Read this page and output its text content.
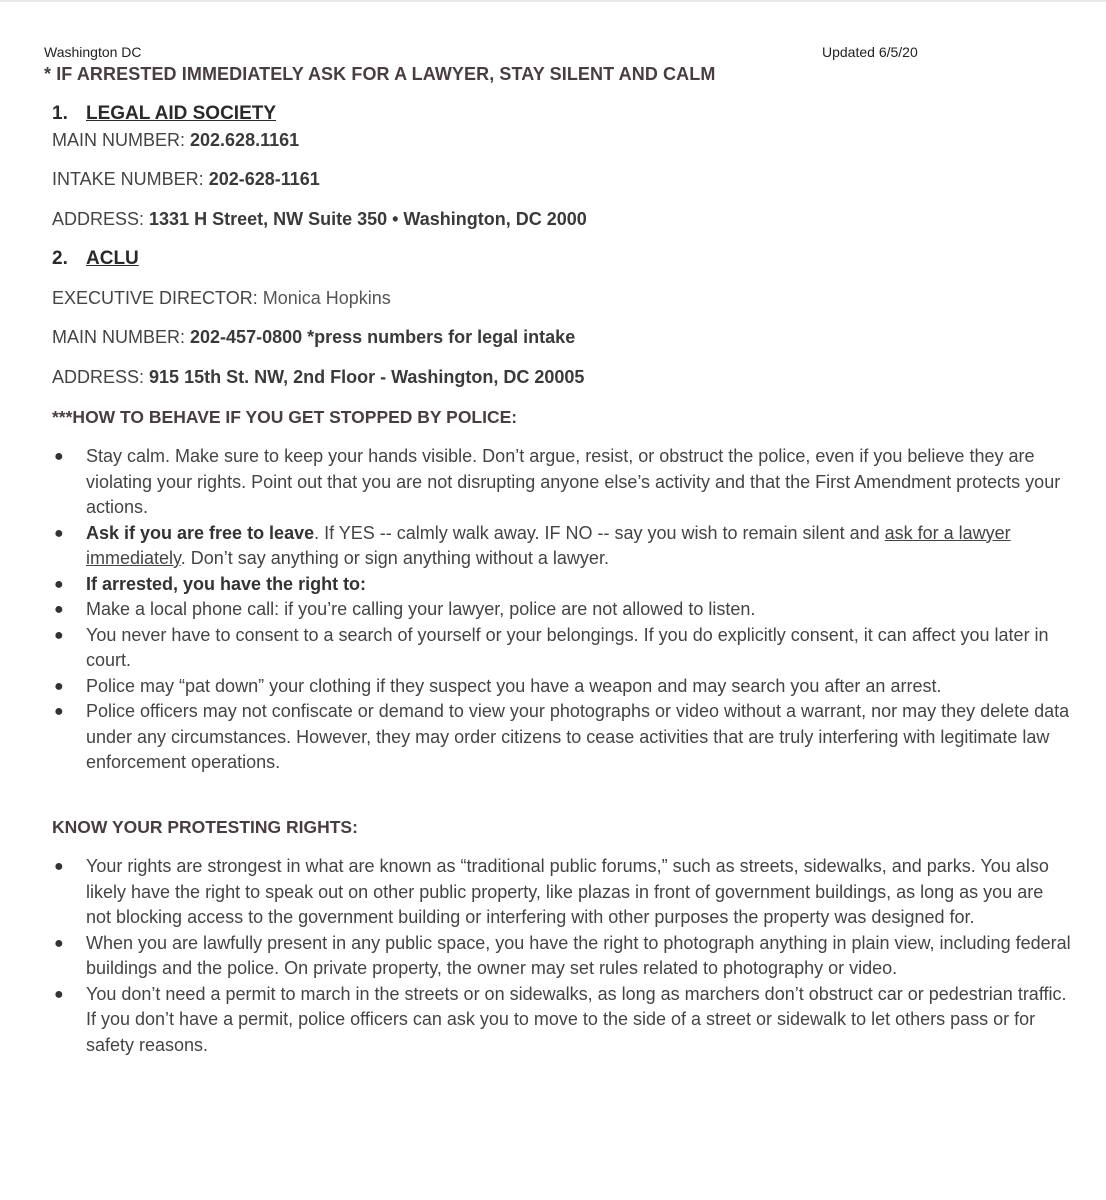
Washington DC	Updated 6/5/20
* IF ARRESTED IMMEDIATELY ASK FOR A LAWYER, STAY SILENT AND CALM
1. LEGAL AID SOCIETY
MAIN NUMBER: 202.628.1161
INTAKE NUMBER: 202-628-1161
ADDRESS: 1331 H Street, NW Suite 350 • Washington, DC 2000
2. ACLU
EXECUTIVE DIRECTOR: Monica Hopkins
MAIN NUMBER: 202-457-0800 *press numbers for legal intake
ADDRESS: 915 15th St. NW, 2nd Floor - Washington, DC 20005
***HOW TO BEHAVE IF YOU GET STOPPED BY POLICE:
● Stay calm. Make sure to keep your hands visible. Don’t argue, resist, or obstruct the police, even if you believe they are violating your rights. Point out that you are not disrupting anyone else’s activity and that the First Amendment protects your actions.
● Ask if you are free to leave. If YES -- calmly walk away. IF NO -- say you wish to remain silent and ask for a lawyer immediately. Don’t say anything or sign anything without a lawyer.
● If arrested, you have the right to:
● Make a local phone call: if you’re calling your lawyer, police are not allowed to listen.
● You never have to consent to a search of yourself or your belongings. If you do explicitly consent, it can affect you later in court.
● Police may “pat down” your clothing if they suspect you have a weapon and may search you after an arrest.
● Police officers may not confiscate or demand to view your photographs or video without a warrant, nor may they delete data under any circumstances. However, they may order citizens to cease activities that are truly interfering with legitimate law enforcement operations.
KNOW YOUR PROTESTING RIGHTS:
● Your rights are strongest in what are known as “traditional public forums,” such as streets, sidewalks, and parks. You also likely have the right to speak out on other public property, like plazas in front of government buildings, as long as you are not blocking access to the government building or interfering with other purposes the property was designed for.
● When you are lawfully present in any public space, you have the right to photograph anything in plain view, including federal buildings and the police. On private property, the owner may set rules related to photography or video.
● You don’t need a permit to march in the streets or on sidewalks, as long as marchers don’t obstruct car or pedestrian traffic. If you don’t have a permit, police officers can ask you to move to the side of a street or sidewalk to let others pass or for safety reasons.
